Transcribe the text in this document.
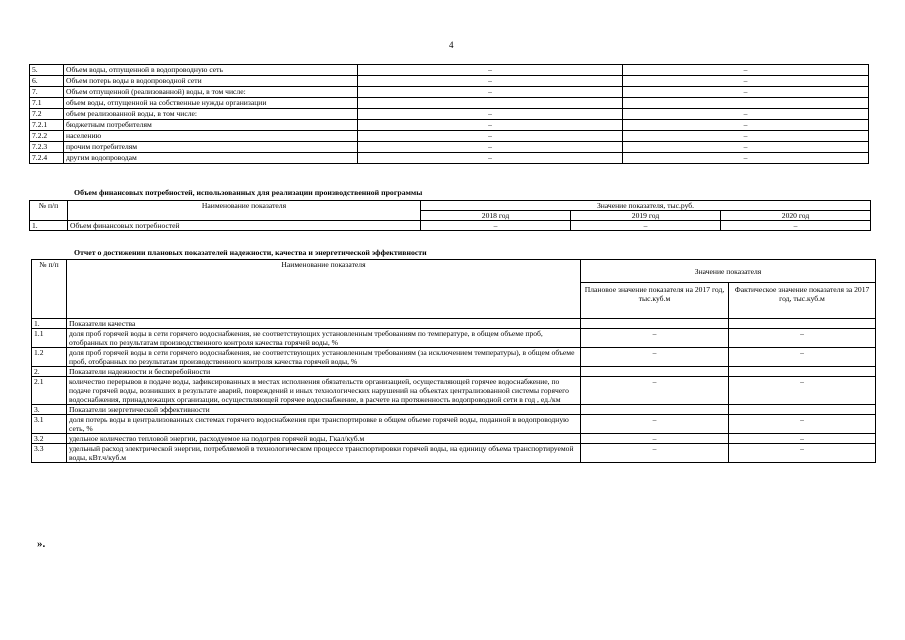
4
5.	Объем воды, отпущенной в водопроводную сеть	–	–
6.	Объем потерь воды в водопроводной сети	–	–
7.	Объем отпущенной (реализованной) воды, в том числе:	–	–
7.1	объем воды, отпущенной на собственные нужды организации		
7.2	объем реализованной воды, в том числе:	–	–
7.2.1	бюджетным потребителям	–	–
7.2.2	населению	–	–
7.2.3	прочим потребителям	–	–
7.2.4	другим водопроводам	–	–
Объем финансовых потребностей, использованных для реализации производственной программы
№ п/п	Наименование показателя	Значение показателя, тыс.руб.		
		2018 год	2019 год	2020 год
1.	Объем финансовых потребностей	–	–	–
Отчет о достижении плановых показателей надежности, качества и энергетической эффективности
№ п/п	Наименование показателя	Значение показателя	
		Плановое значение показателя на 2017 год, тыс.куб.м	Фактическое значение показателя за 2017 год, тыс.куб.м
1.	Показатели качества		
1.1	доля проб горячей воды в сети горячего водоснабжения, не соответствующих установленным требованиям по температуре, в общем объеме проб, отобранных по результатам производственного контроля качества горячей воды, %	–	–
1.2	доля проб горячей воды в сети горячего водоснабжения, не соответствующих установленным требованиям (за исключением температуры), в общем объеме проб, отобранных по результатам производственного контроля качества горячей воды, %	–	–
2.	Показатели надежности и бесперебойности		
2.1	количество перерывов в подаче воды, зафиксированных в местах исполнения обязательств организацией, осуществляющей горячее водоснабжение, по подаче горячей воды, возникших в результате аварий, повреждений и иных технологических нарушений на объектах централизованной системы горячего водоснабжения, принадлежащих организации, осуществляющей горячее водоснабжение, в расчете на протяженность водопроводной сети в год , ед./км	–	–
3.	Показатели энергетической эффективности		
3.1	доля потерь воды в централизованных системах горячего водоснабжения при транспортировке в общем объеме горячей воды, поданной в водопроводную сеть, %	–	–
3.2	удельное количество тепловой энергии, расходуемое на подогрев горячей воды, Гкал/куб.м	–	–
3.3	удельный расход электрической энергии, потребляемой в технологическом процессе транспортировки горячей воды, на единицу объема транспортируемой воды, кВт.ч/куб.м	–	–
».
